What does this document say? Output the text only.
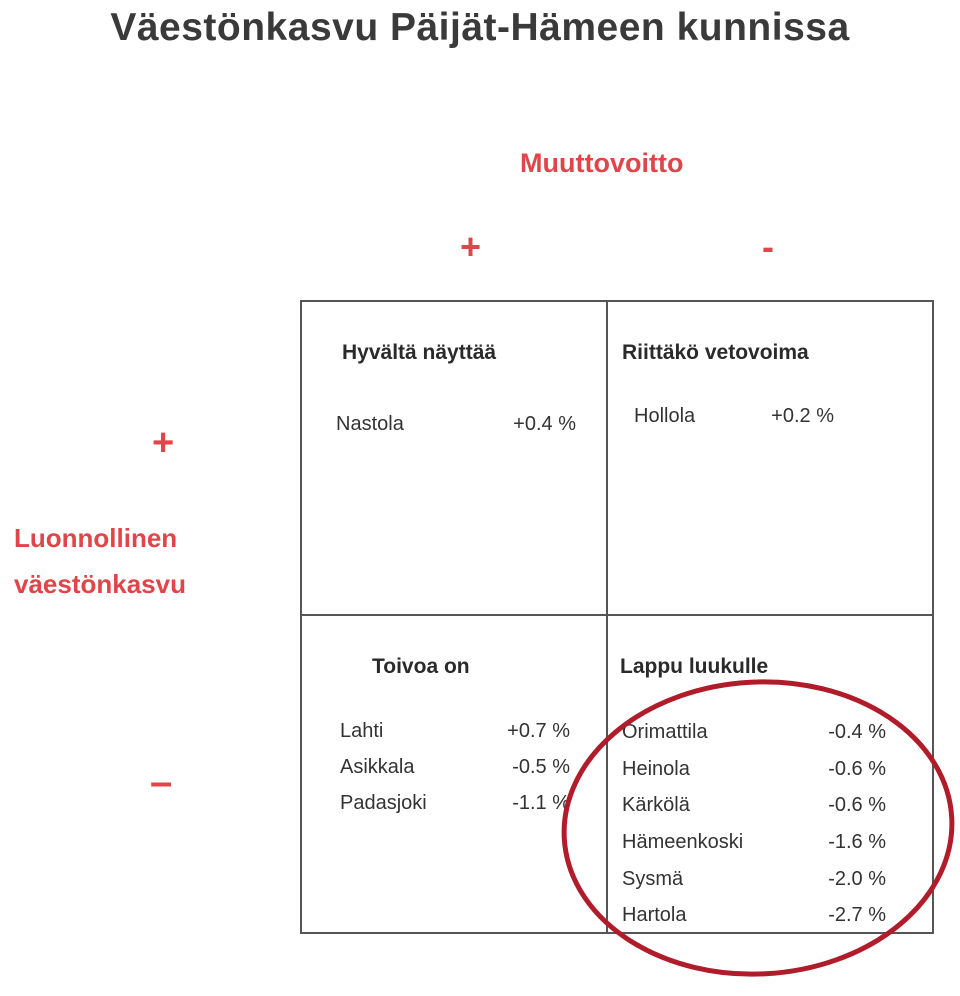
Väestönkasvu Päijät-Hämeen kunnissa
Muuttovoitto
+	-
+
Luonnollinen
väestönkasvu
–
Hyvältä näyttää
Nastola	+0.4 %
Riittäkö vetovoima
Hollola	+0.2 %
Toivoa on
Lahti	+0.7 %
Asikkala	-0.5 %
Padasjoki	-1.1 %
Lappu luukulle
Orimattila	-0.4 %
Heinola	-0.6 %
Kärkölä	-0.6 %
Hämeenkoski	-1.6 %
Sysmä	-2.0 %
Hartola	-2.7 %
